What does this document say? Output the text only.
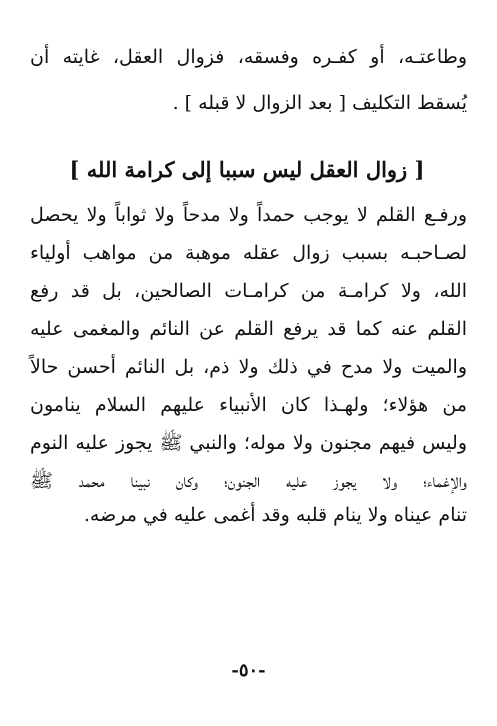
وطاعتـه، أو كفـره وفسقه، فزوال العقل، غايته أن
يُسقط التكليف [ بعد الزوال لا قبله ] .
[ زوال العقل ليس سببا إلى كرامة الله ]
ورفـع القلم لا يوجب حمداً ولا مدحاً ولا ثواباً ولا يحصل
لصـاحبـه بسبب زوال عقله موهبة من مواهب أولياء
الله، ولا كرامـة من كرامـات الصالحين، بل قد رفع
القلم عنه كما قد يرفع القلم عن النائم والمغمى عليه
والميت ولا مدح في ذلك ولا ذم، بل النائم أحسن حالاً
من هؤلاء؛ ولهـذا كان الأنبياء عليهم السلام ينامون
وليس فيهم مجنون ولا موله؛ والنبي ﷺ يجوز عليه النوم
والإغماء؛ ولا يجوز عليه الجنون؛ وكان نبينا محمد ﷺ
تنام عيناه ولا ينام قلبه وقد أغمى عليه في مرضه.
-٥٠-
